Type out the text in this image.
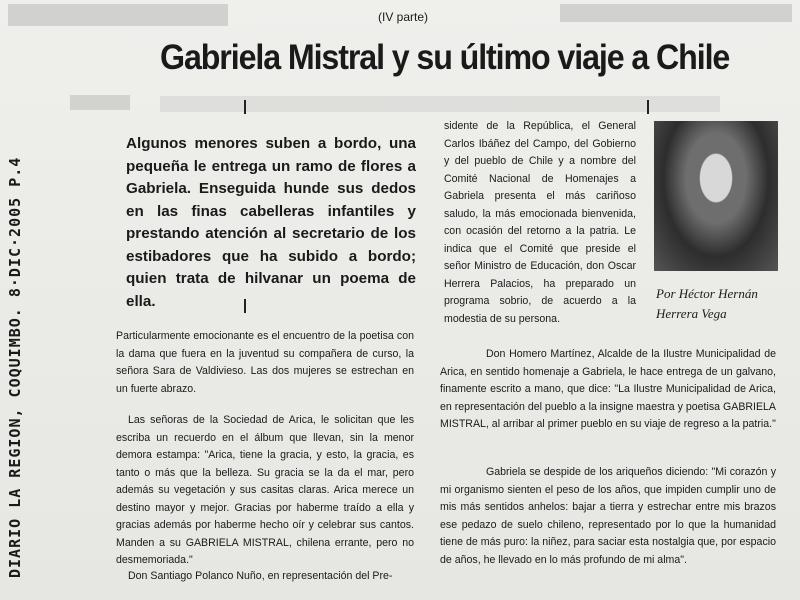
(IV parte)
Gabriela Mistral y su último viaje a Chile
Algunos menores suben a bordo, una pequeña le entrega un ramo de flores a Gabriela. Enseguida hunde sus dedos en las finas cabelleras infantiles y prestando atención al secretario de los estibadores que ha subido a bordo; quien trata de hilvanar un poema de ella.
Particularmente emocionante es el encuentro de la poetisa con la dama que fuera en la juventud su compañera de curso, la señora Sara de Valdivieso. Las dos mujeres se estrechan en un fuerte abrazo.
Las señoras de la Sociedad de Arica, le solicitan que les escriba un recuerdo en el álbum que llevan, sin la menor demora estampa: "Arica, tiene la gracia, y esto, la gracia, es tanto o más que la belleza. Su gracia se la da el mar, pero además su vegetación y sus casitas claras. Arica merece un destino mayor y mejor. Gracias por haberme traído a ella y gracias además por haberme hecho oír y celebrar sus cantos. Manden a su GABRIELA MISTRAL, chilena errante, pero no desmemoriada."
Don Santiago Polanco Nuño, en representación del Pre-
sidente de la República, el General Carlos Ibáñez del Campo, del Gobierno y del pueblo de Chile y a nombre del Comité Nacional de Homenajes a Gabriela presenta el más cariñoso saludo, la más emocionada bienvenida, con ocasión del retorno a la patria. Le indica que el Comité que preside el señor Ministro de Educación, don Oscar Herrera Palacios, ha preparado un programa sobrio, de acuerdo a la modestia de su persona.
Por Héctor Hernán
Herrera Vega
Don Homero Martínez, Alcalde de la Ilustre Municipalidad de Arica, en sentido homenaje a Gabriela, le hace entrega de un galvano, finamente escrito a mano, que dice: "La Ilustre Municipalidad de Arica, en representación del pueblo a la insigne maestra y poetisa GABRIELA MISTRAL, al arribar al primer pueblo en su viaje de regreso a la patria."
Gabriela se despide de los ariqueños diciendo: "Mi corazón y mi organismo sienten el peso de los años, que impiden cumplir uno de mis más sentidos anhelos: bajar a tierra y estrechar entre mis brazos ese pedazo de suelo chileno, representado por lo que la humanidad tiene de más puro: la niñez, para saciar esta nostalgia que, por espacio de años, he llevado en lo más profundo de mi alma".
DIARIO LA REGION, COQUIMBO. 8·DIC·2005 P.4
